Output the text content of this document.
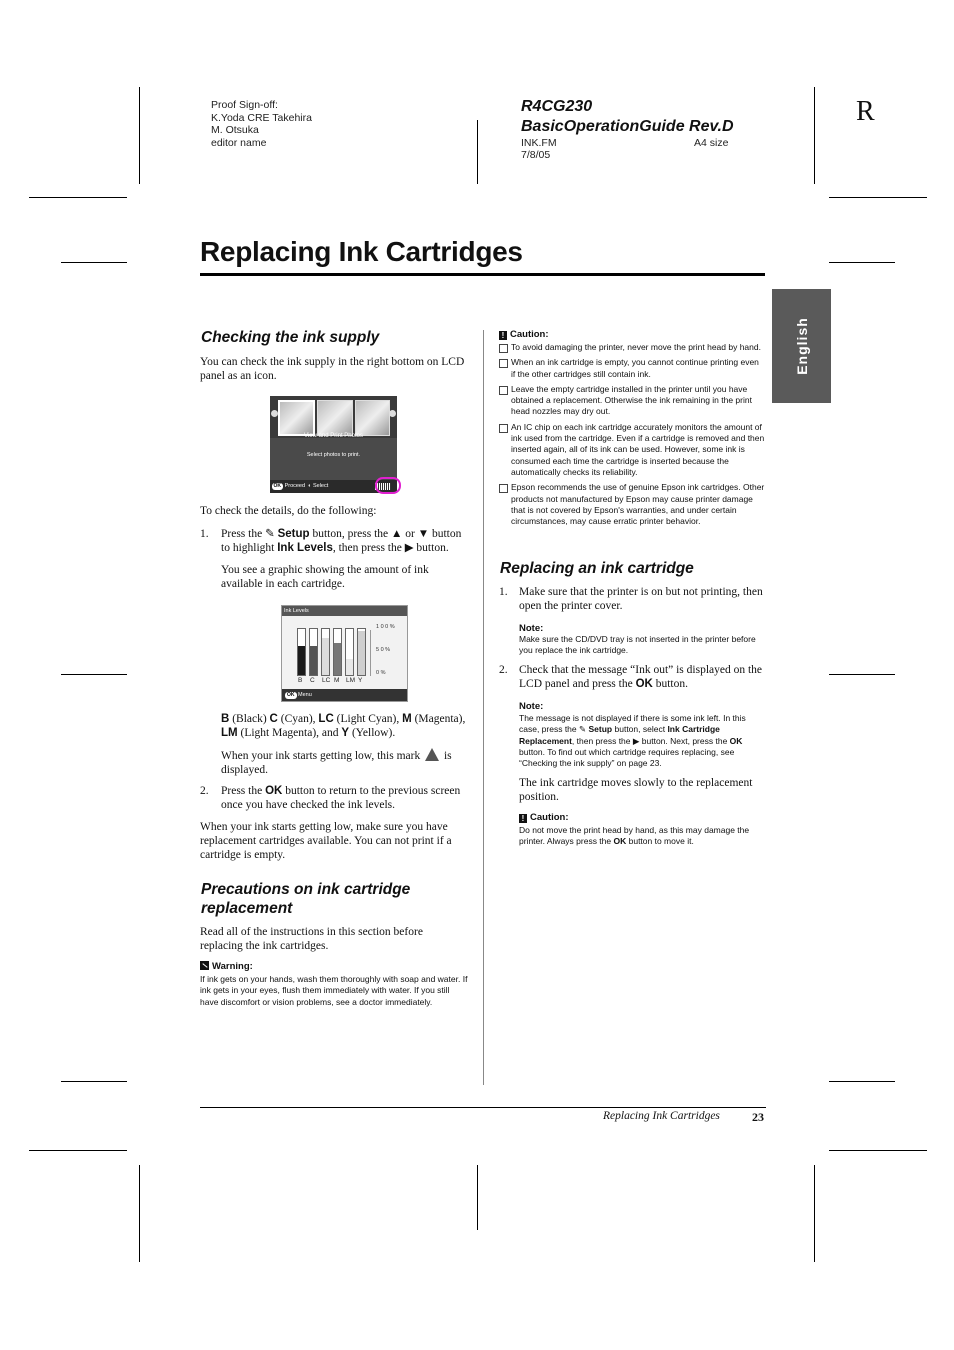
Proof Sign-off:
K.Yoda CRE Takehira
M. Otsuka
editor name
R4CG230
BasicOperationGuide Rev.D
INK.FM
7/8/05
A4 size
R
Replacing Ink Cartridges
English
Checking the ink supply
You can check the ink supply in the right bottom on LCD panel as an icon.
View and Print Photos
Select photos to print.
OK Proceed ◐ Select
To check the details, do the following:
1. Press the ✎ Setup button, press the ▲ or ▼ button to highlight Ink Levels, then press the ▶ button.
You see a graphic showing the amount of ink available in each cartridge.
Ink Levels
1 0 0 %
5 0 %
0 %
B C LC M LM Y
OK Menu
B (Black) C (Cyan), LC (Light Cyan), M (Magenta), LM (Light Magenta), and Y (Yellow).
When your ink starts getting low, this mark  is displayed.
2. Press the OK button to return to the previous screen once you have checked the ink levels.
When your ink starts getting low, make sure you have replacement cartridges available. You can not print if a cartridge is empty.
Precautions on ink cartridge replacement
Read all of the instructions in this section before replacing the ink cartridges.
Warning:
If ink gets on your hands, wash them thoroughly with soap and water. If ink gets in your eyes, flush them immediately with water. If you still have discomfort or vision problems, see a doctor immediately.
! Caution:
To avoid damaging the printer, never move the print head by hand.
When an ink cartridge is empty, you cannot continue printing even if the other cartridges still contain ink.
Leave the empty cartridge installed in the printer until you have obtained a replacement. Otherwise the ink remaining in the print head nozzles may dry out.
An IC chip on each ink cartridge accurately monitors the amount of ink used from the cartridge. Even if a cartridge is removed and then inserted again, all of its ink can be used. However, some ink is consumed each time the cartridge is inserted because the automatically checks its reliability.
Epson recommends the use of genuine Epson ink cartridges. Other products not manufactured by Epson may cause printer damage that is not covered by Epson's warranties, and under certain circumstances, may cause erratic printer behavior.
Replacing an ink cartridge
1. Make sure that the printer is on but not printing, then open the printer cover.
Note:
Make sure the CD/DVD tray is not inserted in the printer before you replace the ink cartridge.
2. Check that the message “Ink out” is displayed on the LCD panel and press the OK button.
Note:
The message is not displayed if there is some ink left. In this case, press the ✎ Setup button, select Ink Cartridge Replacement, then press the ▶ button. Next, press the OK button. To find out which cartridge requires replacing, see “Checking the ink supply” on page 23.
The ink cartridge moves slowly to the replacement position.
! Caution:
Do not move the print head by hand, as this may damage the printer. Always press the OK button to move it.
Replacing Ink Cartridges	23
